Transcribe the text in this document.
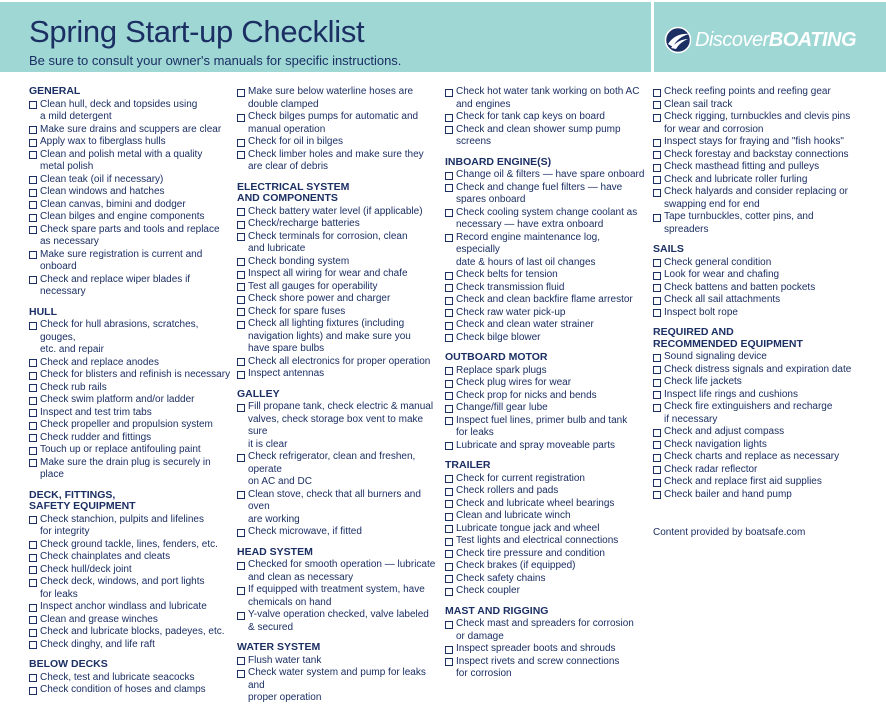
Spring Start-up Checklist
Be sure to consult your owner's manuals for specific instructions.
DiscoverBOATING
GENERAL
Clean hull, deck and topsides using
a mild detergent
Make sure drains and scuppers are clear
Apply wax to fiberglass hulls
Clean and polish metal with a quality
metal polish
Clean teak (oil if necessary)
Clean windows and hatches
Clean canvas, bimini and dodger
Clean bilges and engine components
Check spare parts and tools and replace
as necessary
Make sure registration is current and onboard
Check and replace wiper blades if necessary
HULL
Check for hull abrasions, scratches, gouges,
etc. and repair
Check and replace anodes
Check for blisters and refinish is necessary
Check rub rails
Check swim platform and/or ladder
Inspect and test trim tabs
Check propeller and propulsion system
Check rudder and fittings
Touch up or replace antifouling paint
Make sure the drain plug is securely in place
DECK, FITTINGS,
SAFETY EQUIPMENT
Check stanchion, pulpits and lifelines
for integrity
Check ground tackle, lines, fenders, etc.
Check chainplates and cleats
Check hull/deck joint
Check deck, windows, and port lights
for leaks
Inspect anchor windlass and lubricate
Clean and grease winches
Check and lubricate blocks, padeyes, etc.
Check dinghy, and life raft
BELOW DECKS
Check, test and lubricate seacocks
Check condition of hoses and clamps
Make sure below waterline hoses are
double clamped
Check bilges pumps for automatic and
manual operation
Check for oil in bilges
Check limber holes and make sure they
are clear of debris
ELECTRICAL SYSTEM
AND COMPONENTS
Check battery water level (if applicable)
Check/recharge batteries
Check terminals for corrosion, clean
and lubricate
Check bonding system
Inspect all wiring for wear and chafe
Test all gauges for operability
Check shore power and charger
Check for spare fuses
Check all lighting fixtures (including
navigation lights) and make sure you
have spare bulbs
Check all electronics for proper operation
Inspect antennas
GALLEY
Fill propane tank, check electric & manual
valves, check storage box vent to make sure
it is clear
Check refrigerator, clean and freshen, operate
on AC and DC
Clean stove, check that all burners and oven
are working
Check microwave, if fitted
HEAD SYSTEM
Checked for smooth operation — lubricate
and clean as necessary
If equipped with treatment system, have
chemicals on hand
Y-valve operation checked, valve labeled
& secured
WATER SYSTEM
Flush water tank
Check water system and pump for leaks and
proper operation
Check hot water tank working on both AC
and engines
Check for tank cap keys on board
Check and clean shower sump pump screens
INBOARD ENGINE(S)
Change oil & filters — have spare onboard
Check and change fuel filters — have
spares onboard
Check cooling system change coolant as
necessary — have extra onboard
Record engine maintenance log, especially
date & hours of last oil changes
Check belts for tension
Check transmission fluid
Check and clean backfire flame arrestor
Check raw water pick-up
Check and clean water strainer
Check bilge blower
OUTBOARD MOTOR
Replace spark plugs
Check plug wires for wear
Check prop for nicks and bends
Change/fill gear lube
Inspect fuel lines, primer bulb and tank
for leaks
Lubricate and spray moveable parts
TRAILER
Check for current registration
Check rollers and pads
Check and lubricate wheel bearings
Clean and lubricate winch
Lubricate tongue jack and wheel
Test lights and electrical connections
Check tire pressure and condition
Check brakes (if equipped)
Check safety chains
Check coupler
MAST AND RIGGING
Check mast and spreaders for corrosion
or damage
Inspect spreader boots and shrouds
Inspect rivets and screw connections
for corrosion
Check reefing points and reefing gear
Clean sail track
Check rigging, turnbuckles and clevis pins
for wear and corrosion
Inspect stays for fraying and "fish hooks"
Check forestay and backstay connections
Check masthead fitting and pulleys
Check and lubricate roller furling
Check halyards and consider replacing or
swapping end for end
Tape turnbuckles, cotter pins, and spreaders
SAILS
Check general condition
Look for wear and chafing
Check battens and batten pockets
Check all sail attachments
Inspect bolt rope
REQUIRED AND
RECOMMENDED EQUIPMENT
Sound signaling device
Check distress signals and expiration date
Check life jackets
Inspect life rings and cushions
Check fire extinguishers and recharge
if necessary
Check and adjust compass
Check navigation lights
Check charts and replace as necessary
Check radar reflector
Check and replace first aid supplies
Check bailer and hand pump
Content provided by boatsafe.com
